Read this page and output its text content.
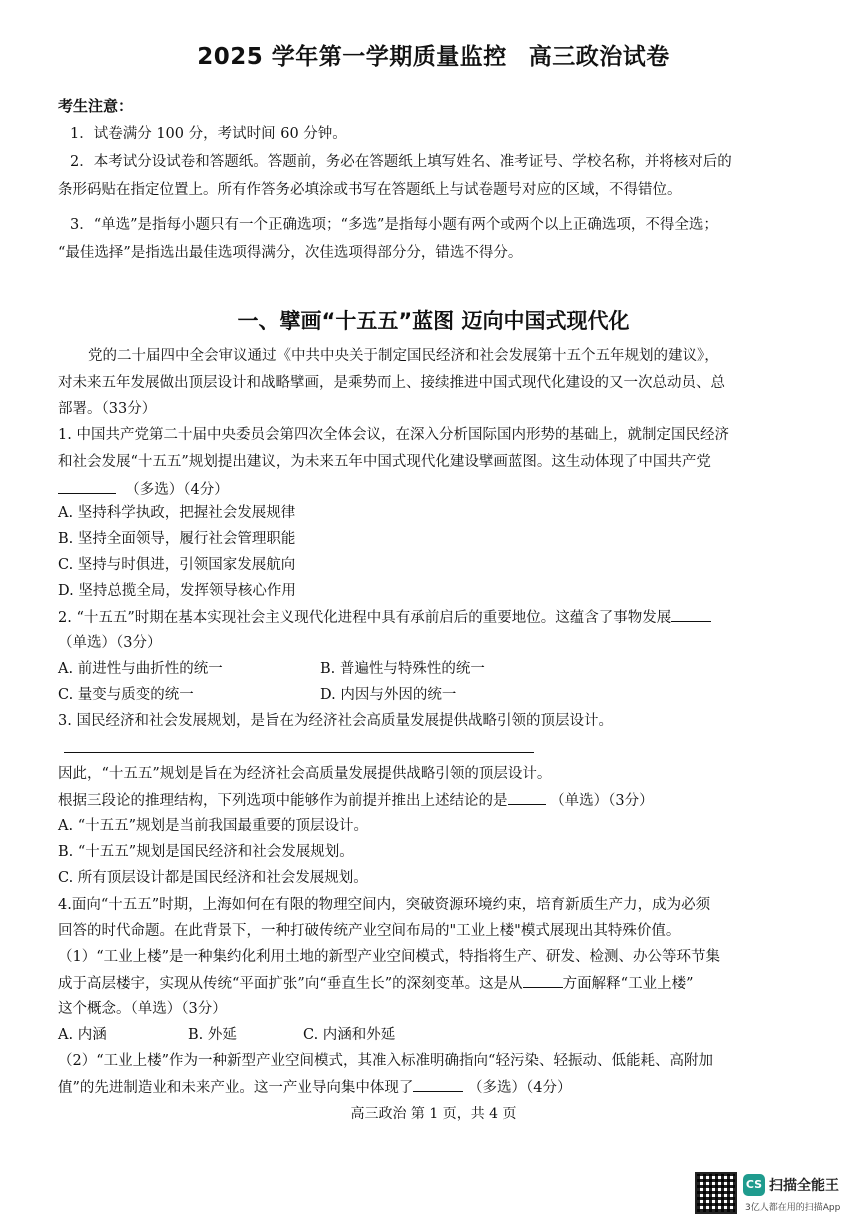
2025 学年第一学期质量监控 高三政治试卷
考生注意：
1．试卷满分 100 分，考试时间 60 分钟。
2．本考试分设试卷和答题纸。答题前，务必在答题纸上填写姓名、准考证号、学校名称，并将核对后的
条形码贴在指定位置上。所有作答务必填涂或书写在答题纸上与试卷题号对应的区域，不得错位。
3．“单选”是指每小题只有一个正确选项；“多选”是指每小题有两个或两个以上正确选项，不得全选；
“最佳选择”是指选出最佳选项得满分，次佳选项得部分分，错选不得分。
一、擘画“十五五”蓝图 迈向中国式现代化
党的二十届四中全会审议通过《中共中央关于制定国民经济和社会发展第十五个五年规划的建议》，
对未来五年发展做出顶层设计和战略擘画，是乘势而上、接续推进中国式现代化建设的又一次总动员、总
部署。（33分）
1. 中国共产党第二十届中央委员会第四次全体会议，在深入分析国际国内形势的基础上，就制定国民经济
和社会发展“十五五”规划提出建议，为未来五年中国式现代化建设擘画蓝图。这生动体现了中国共产党
（多选）（4分）
A. 坚持科学执政，把握社会发展规律
B. 坚持全面领导，履行社会管理职能
C. 坚持与时俱进，引领国家发展航向
D. 坚持总揽全局，发挥领导核心作用
2. “十五五”时期在基本实现社会主义现代化进程中具有承前启后的重要地位。这蕴含了事物发展
（单选）（3分）
A. 前进性与曲折性的统一	B. 普遍性与特殊性的统一
C. 量变与质变的统一	D. 内因与外因的统一
3. 国民经济和社会发展规划，是旨在为经济社会高质量发展提供战略引领的顶层设计。
因此，“十五五”规划是旨在为经济社会高质量发展提供战略引领的顶层设计。
根据三段论的推理结构，下列选项中能够作为前提并推出上述结论的是	（单选）（3分）
A. “十五五”规划是当前我国最重要的顶层设计。
B. “十五五”规划是国民经济和社会发展规划。
C. 所有顶层设计都是国民经济和社会发展规划。
4.面向“十五五”时期，上海如何在有限的物理空间内，突破资源环境约束，培育新质生产力，成为必须
回答的时代命题。在此背景下，一种打破传统产业空间布局的"工业上楼"模式展现出其特殊价值。
（1）“工业上楼”是一种集约化利用土地的新型产业空间模式，特指将生产、研发、检测、办公等环节集
成于高层楼宇，实现从传统“平面扩张”向“垂直生长”的深刻变革。这是从	方面解释“工业上楼”
这个概念。（单选）（3分）
A. 内涵	B. 外延	C. 内涵和外延
（2）“工业上楼”作为一种新型产业空间模式，其准入标准明确指向“轻污染、轻振动、低能耗、高附加
值”的先进制造业和未来产业。这一产业导向集中体现了	（多选）（4分）
高三政治 第 1 页，共 4 页
CS 扫描全能王
3亿人都在用的扫描App
